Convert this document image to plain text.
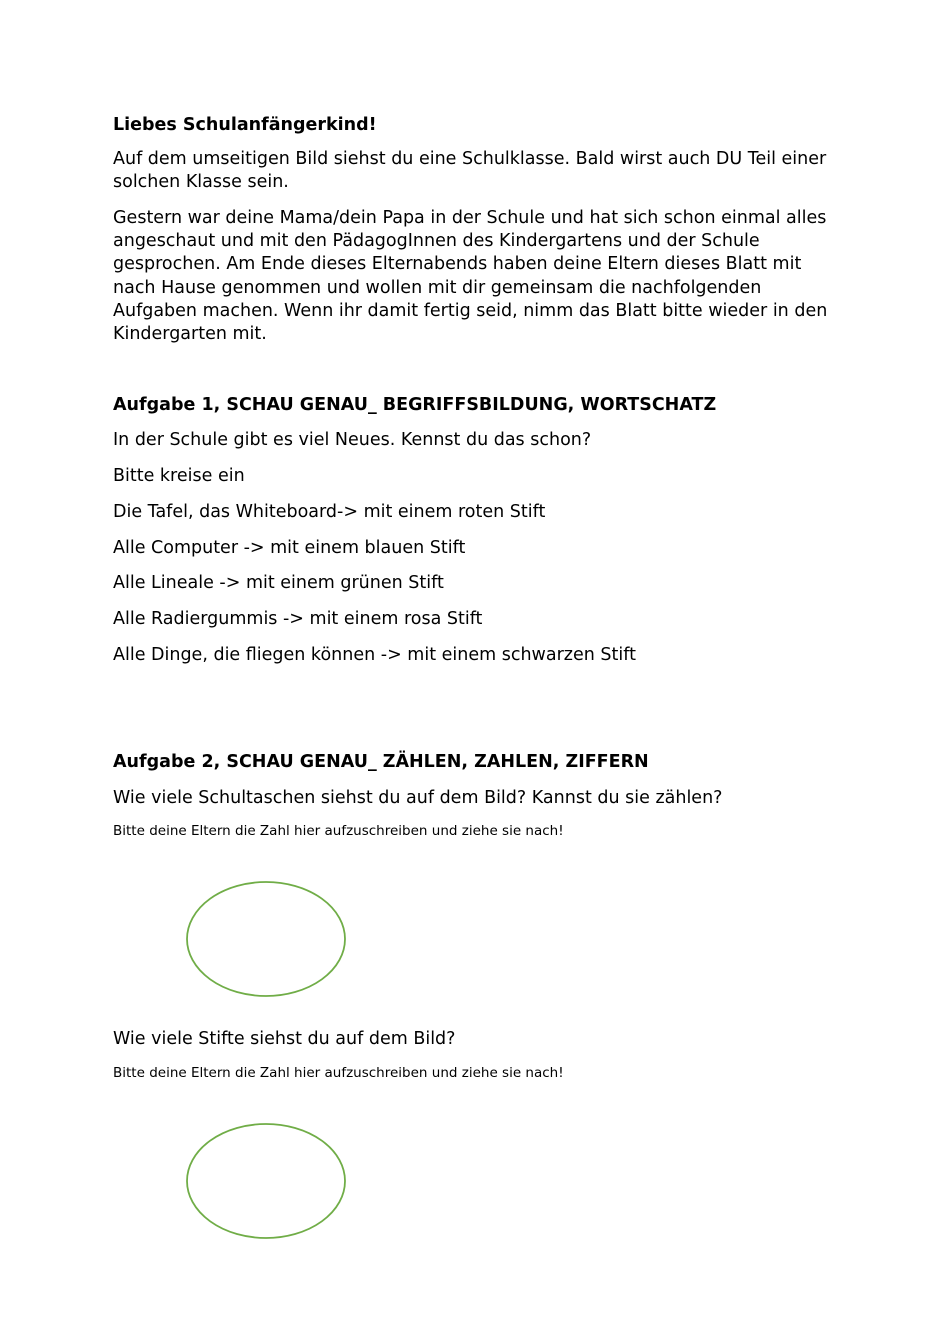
Liebes Schulanfängerkind!

Auf dem umseitigen Bild siehst du eine Schulklasse. Bald wirst auch DU Teil einer
solchen Klasse sein.
Gestern war deine Mama/dein Papa in der Schule und hat sich schon einmal alles
angeschaut und mit den PädagogInnen des Kindergartens und der Schule
gesprochen. Am Ende dieses Elternabends haben deine Eltern dieses Blatt mit
nach Hause genommen und wollen mit dir gemeinsam die nachfolgenden
Aufgaben machen. Wenn ihr damit fertig seid, nimm das Blatt bitte wieder in den
Kindergarten mit.

Aufgabe 1, SCHAU GENAU_ BEGRIFFSBILDUNG, WORTSCHATZ

In der Schule gibt es viel Neues. Kennst du das schon?

Bitte kreise ein

Die Tafel, das Whiteboard-> mit einem roten Stift

Alle Computer -> mit einem blauen Stift

Alle Lineale -> mit einem grünen Stift

Alle Radiergummis -> mit einem rosa Stift

Alle Dinge, die fliegen können -> mit einem schwarzen Stift

Aufgabe 2, SCHAU GENAU_ ZÄHLEN, ZAHLEN, ZIFFERN

Wie viele Schultaschen siehst du auf dem Bild? Kannst du sie zählen?

Bitte deine Eltern die Zahl hier aufzuschreiben und ziehe sie nach!

Wie viele Stifte siehst du auf dem Bild?

Bitte deine Eltern die Zahl hier aufzuschreiben und ziehe sie nach!
